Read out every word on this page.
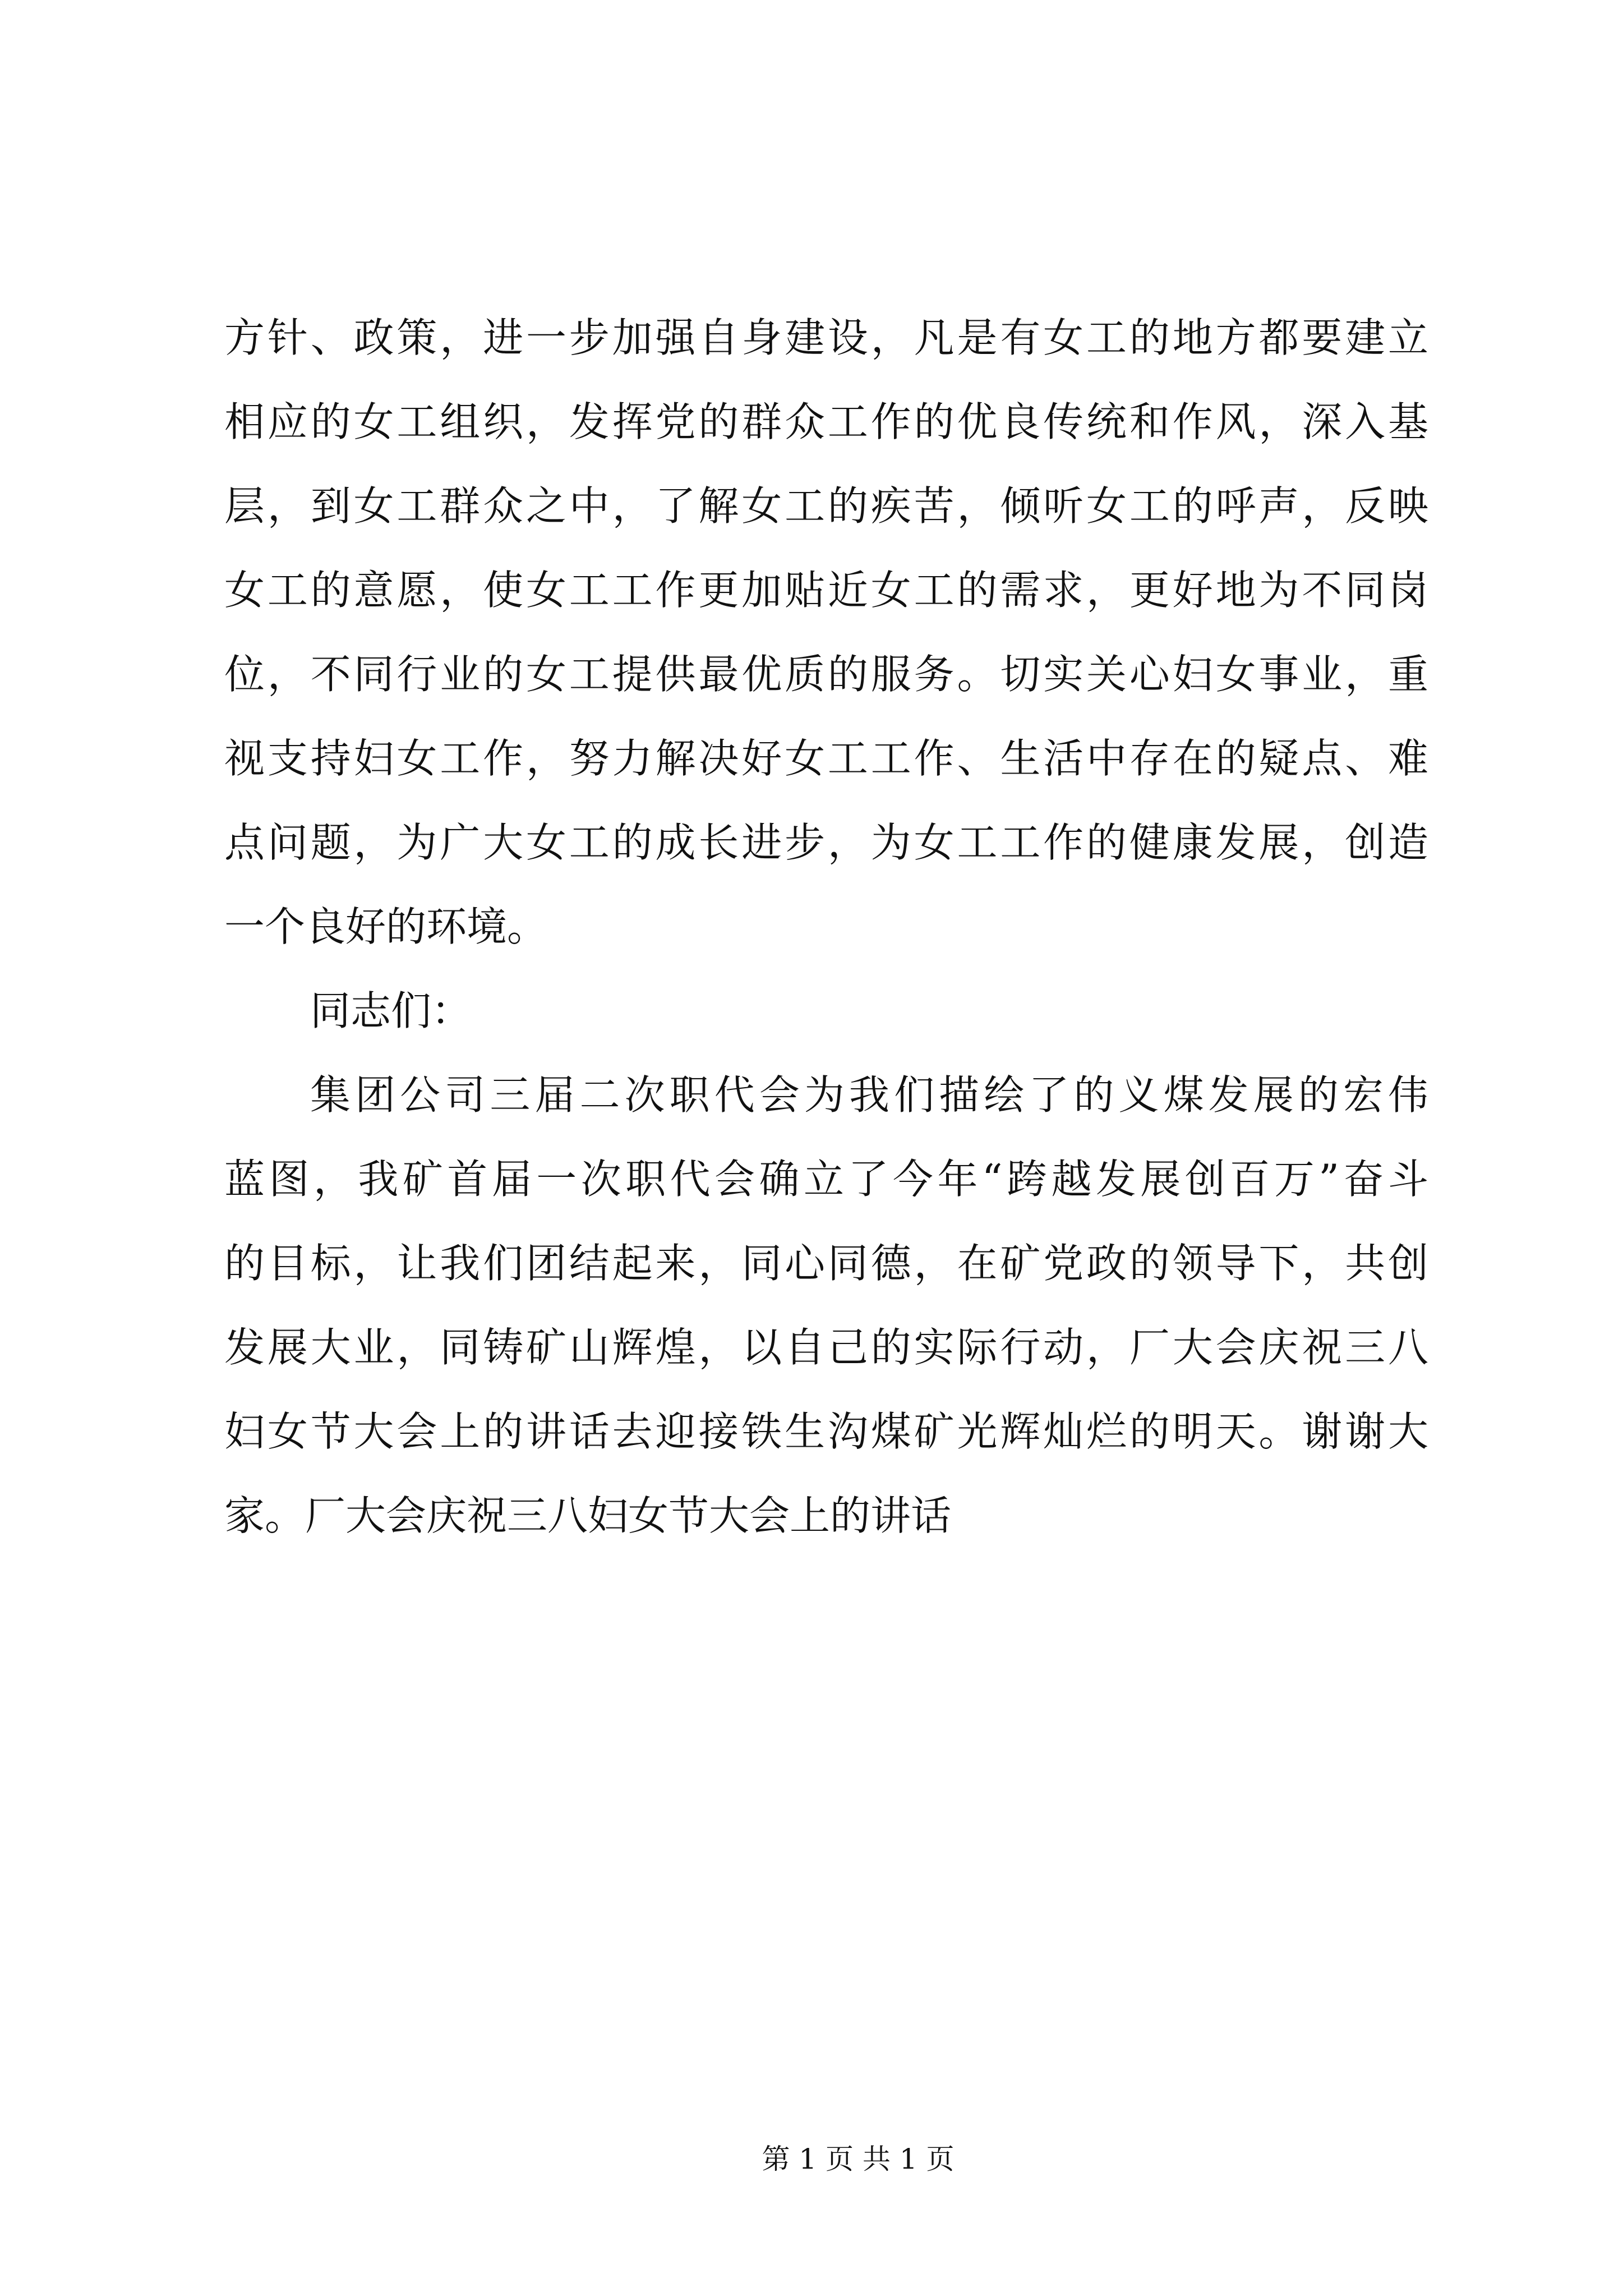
方针、政策，进一步加强自身建设，凡是有女工的地方都要建立
相应的女工组织，发挥党的群众工作的优良传统和作风，深入基
层，到女工群众之中，了解女工的疾苦，倾听女工的呼声，反映
女工的意愿，使女工工作更加贴近女工的需求，更好地为不同岗
位，不同行业的女工提供最优质的服务。切实关心妇女事业，重
视支持妇女工作，努力解决好女工工作、生活中存在的疑点、难
点问题，为广大女工的成长进步，为女工工作的健康发展，创造
一个良好的环境。
同志们：
集团公司三届二次职代会为我们描绘了的义煤发展的宏伟
蓝图，我矿首届一次职代会确立了今年“跨越发展创百万”奋斗
的目标，让我们团结起来，同心同德，在矿党政的领导下，共创
发展大业，同铸矿山辉煌，以自己的实际行动，厂大会庆祝三八
妇女节大会上的讲话去迎接铁生沟煤矿光辉灿烂的明天。谢谢大
家。厂大会庆祝三八妇女节大会上的讲话
第 1 页 共 1 页
